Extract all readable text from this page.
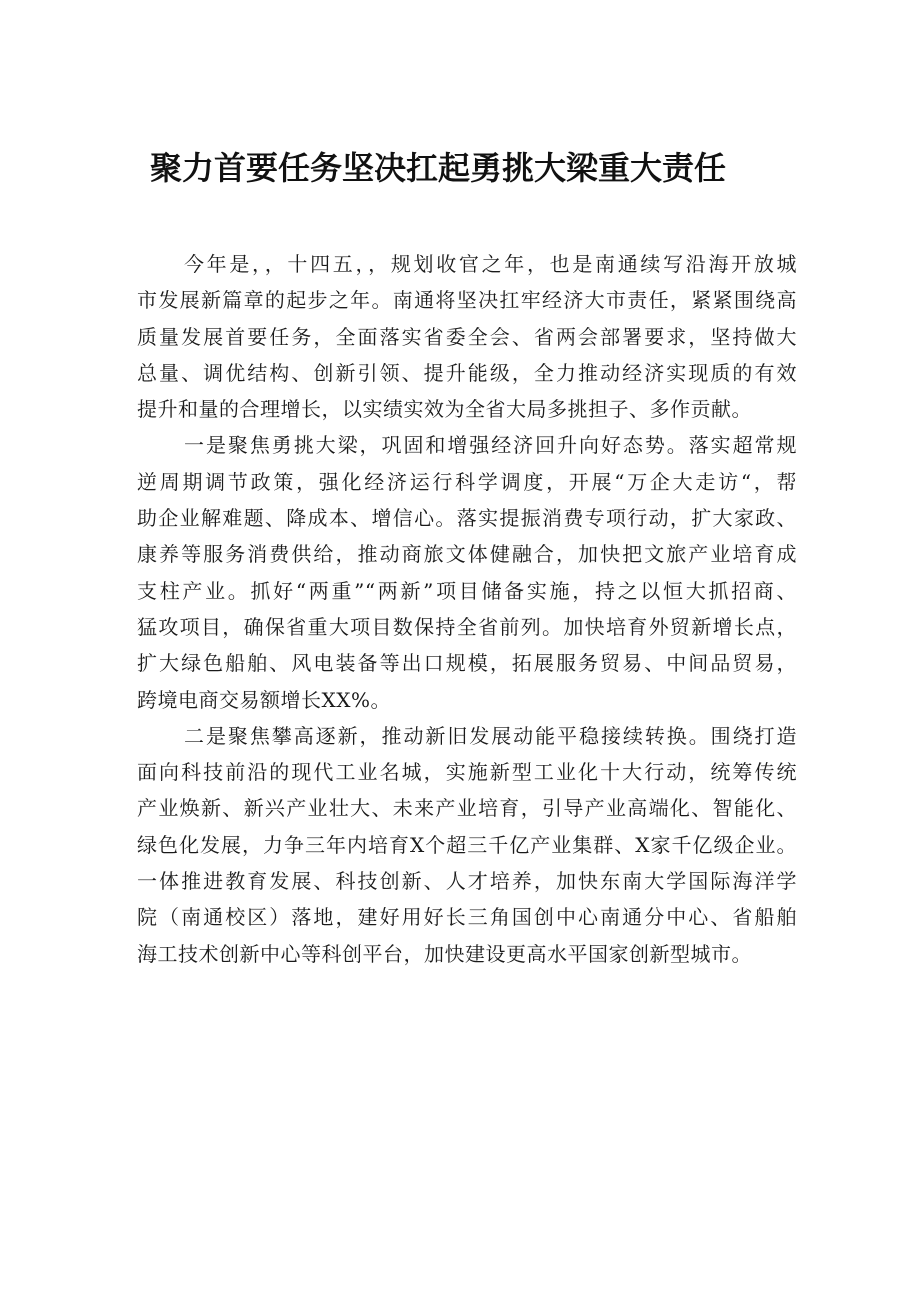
聚力首要任务坚决扛起勇挑大梁重大责任
今年是，，十四五，，规划收官之年，也是南通续写沿海开放城
市发展新篇章的起步之年。南通将坚决扛牢经济大市责任，紧紧围绕高
质量发展首要任务，全面落实省委全会、省两会部署要求，坚持做大
总量、调优结构、创新引领、提升能级，全力推动经济实现质的有效
提升和量的合理增长，以实绩实效为全省大局多挑担子、多作贡献。
一是聚焦勇挑大梁，巩固和增强经济回升向好态势。落实超常规
逆周期调节政策，强化经济运行科学调度，开展“万企大走访“，帮
助企业解难题、降成本、增信心。落实提振消费专项行动，扩大家政、
康养等服务消费供给，推动商旅文体健融合，加快把文旅产业培育成
支柱产业。抓好“两重”“两新”项目储备实施，持之以恒大抓招商、
猛攻项目，确保省重大项目数保持全省前列。加快培育外贸新增长点，
扩大绿色船舶、风电装备等出口规模，拓展服务贸易、中间品贸易，
跨境电商交易额增长XX%。
二是聚焦攀高逐新，推动新旧发展动能平稳接续转换。围绕打造
面向科技前沿的现代工业名城，实施新型工业化十大行动，统筹传统
产业焕新、新兴产业壮大、未来产业培育，引导产业高端化、智能化、
绿色化发展，力争三年内培育X个超三千亿产业集群、X家千亿级企业。
一体推进教育发展、科技创新、人才培养，加快东南大学国际海洋学
院（南通校区）落地，建好用好长三角国创中心南通分中心、省船舶
海工技术创新中心等科创平台，加快建设更高水平国家创新型城市。
